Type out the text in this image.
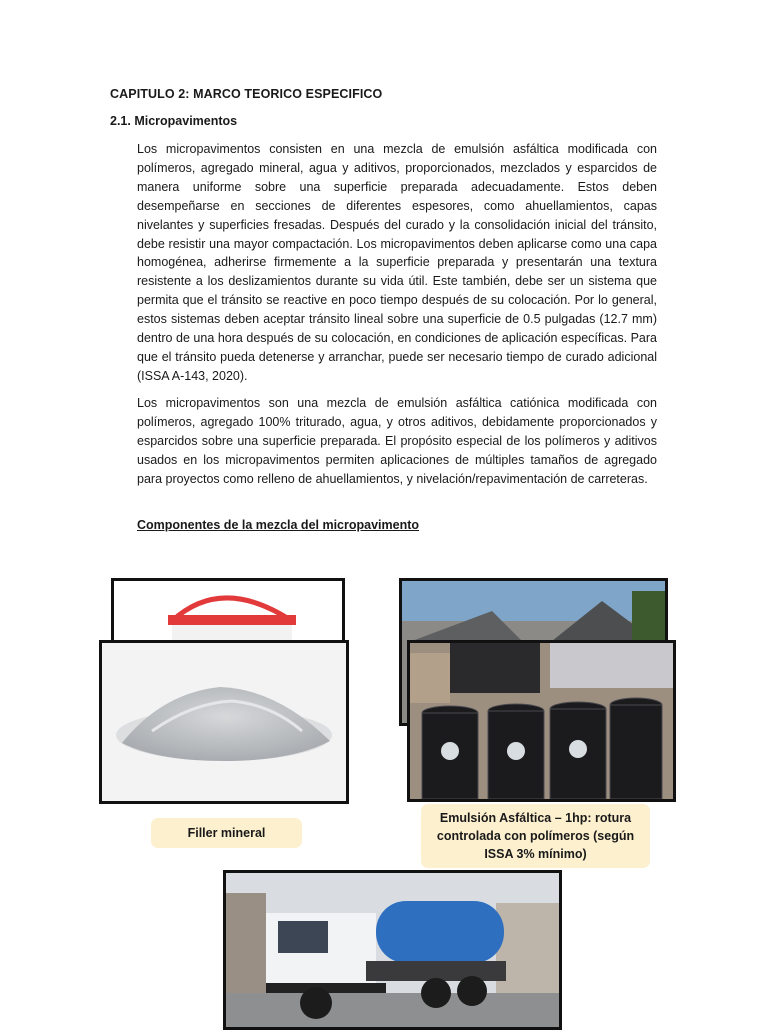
CAPITULO 2: MARCO TEORICO ESPECIFICO
2.1. Micropavimentos
Los micropavimentos consisten en una mezcla de emulsión asfáltica modificada con polímeros, agregado mineral, agua y aditivos, proporcionados, mezclados y esparcidos de manera uniforme sobre una superficie preparada adecuadamente. Estos deben desempeñarse en secciones de diferentes espesores, como ahuellamientos, capas nivelantes y superficies fresadas. Después del curado y la consolidación inicial del tránsito, debe resistir una mayor compactación. Los micropavimentos deben aplicarse como una capa homogénea, adherirse firmemente a la superficie preparada y presentarán una textura resistente a los deslizamientos durante su vida útil. Este también, debe ser un sistema que permita que el tránsito se reactive en poco tiempo después de su colocación. Por lo general, estos sistemas deben aceptar tránsito lineal sobre una superficie de 0.5 pulgadas (12.7 mm) dentro de una hora después de su colocación, en condiciones de aplicación específicas. Para que el tránsito pueda detenerse y arranchar, puede ser necesario tiempo de curado adicional (ISSA A-143, 2020).
Los micropavimentos son una mezcla de emulsión asfáltica catiónica modificada con polímeros, agregado 100% triturado, agua, y otros aditivos, debidamente proporcionados y esparcidos sobre una superficie preparada. El propósito especial de los polímeros y aditivos usados en los micropavimentos permiten aplicaciones de múltiples tamaños de agregado para proyectos como relleno de ahuellamientos, y nivelación/repavimentación de carreteras.
Componentes de la mezcla del micropavimento
Filler mineral
Emulsión Asfáltica – 1hp: rotura controlada con polímeros (según ISSA 3% mínimo)
